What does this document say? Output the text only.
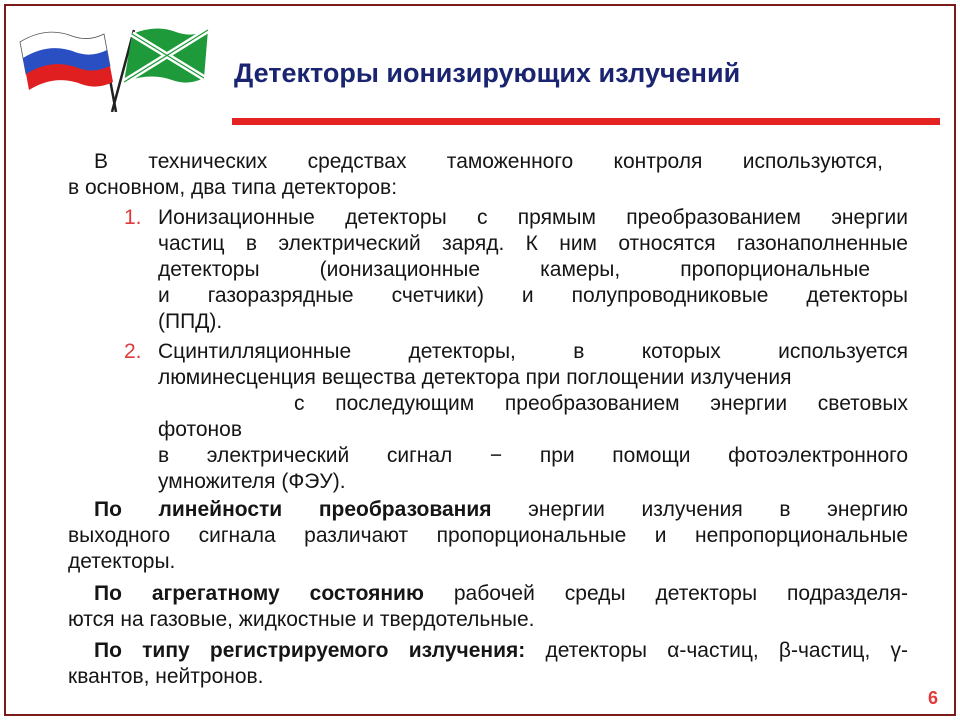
Детекторы ионизирующих излучений
В технических средствах таможенного контроля используются,
в основном, два типа детекторов:
1. Ионизационные детекторы с прямым преобразованием энергии
частиц в электрический заряд. К ним относятся газонаполненные
детекторы (ионизационные камеры, пропорциональные
и газоразрядные счетчики) и полупроводниковые детекторы
(ППД).
2. Сцинтилляционные детекторы, в которых используется
люминесценция вещества детектора при поглощении излучения
с последующим преобразованием энергии световых
фотонов
в электрический сигнал − при помощи фотоэлектронного
умножителя (ФЭУ).
По линейности преобразования энергии излучения в энергию
выходного сигнала различают пропорциональные и непропорциональные
детекторы.
По агрегатному состоянию рабочей среды детекторы подразделя-
ются на газовые, жидкостные и твердотельные.
По типу регистрируемого излучения: детекторы α-частиц, β-частиц, γ-
квантов, нейтронов.
6
